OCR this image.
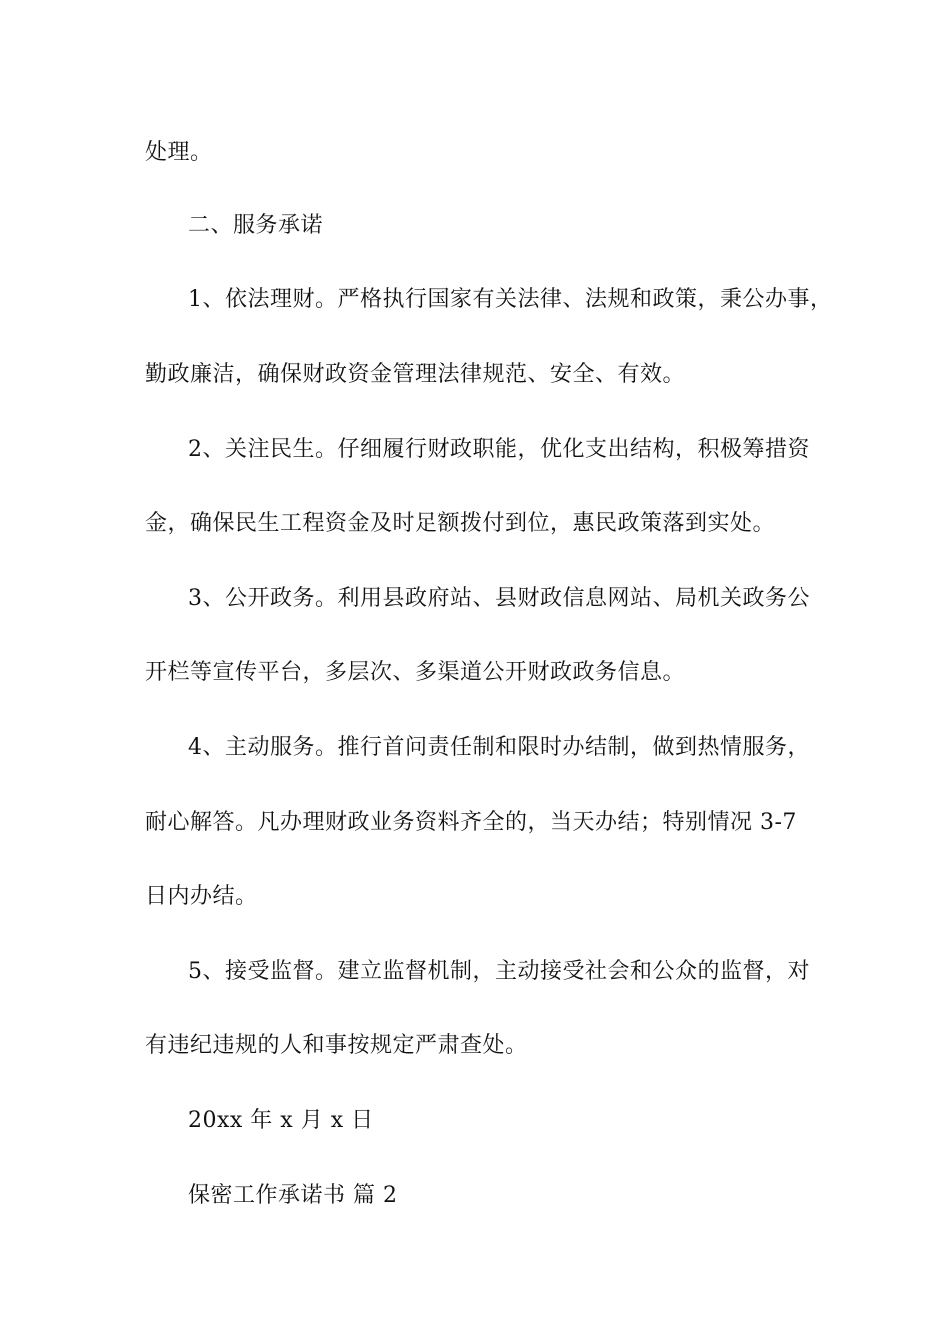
处理。
二、服务承诺
1、依法理财。严格执行国家有关法律、法规和政策，秉公办事，
勤政廉洁，确保财政资金管理法律规范、安全、有效。
2、关注民生。仔细履行财政职能，优化支出结构，积极筹措资
金，确保民生工程资金及时足额拨付到位，惠民政策落到实处。
3、公开政务。利用县政府站、县财政信息网站、局机关政务公
开栏等宣传平台，多层次、多渠道公开财政政务信息。
4、主动服务。推行首问责任制和限时办结制，做到热情服务，
耐心解答。凡办理财政业务资料齐全的，当天办结；特别情况 3-7
日内办结。
5、接受监督。建立监督机制，主动接受社会和公众的监督，对
有违纪违规的人和事按规定严肃查处。
20xx 年 x 月 x 日
保密工作承诺书 篇 2
